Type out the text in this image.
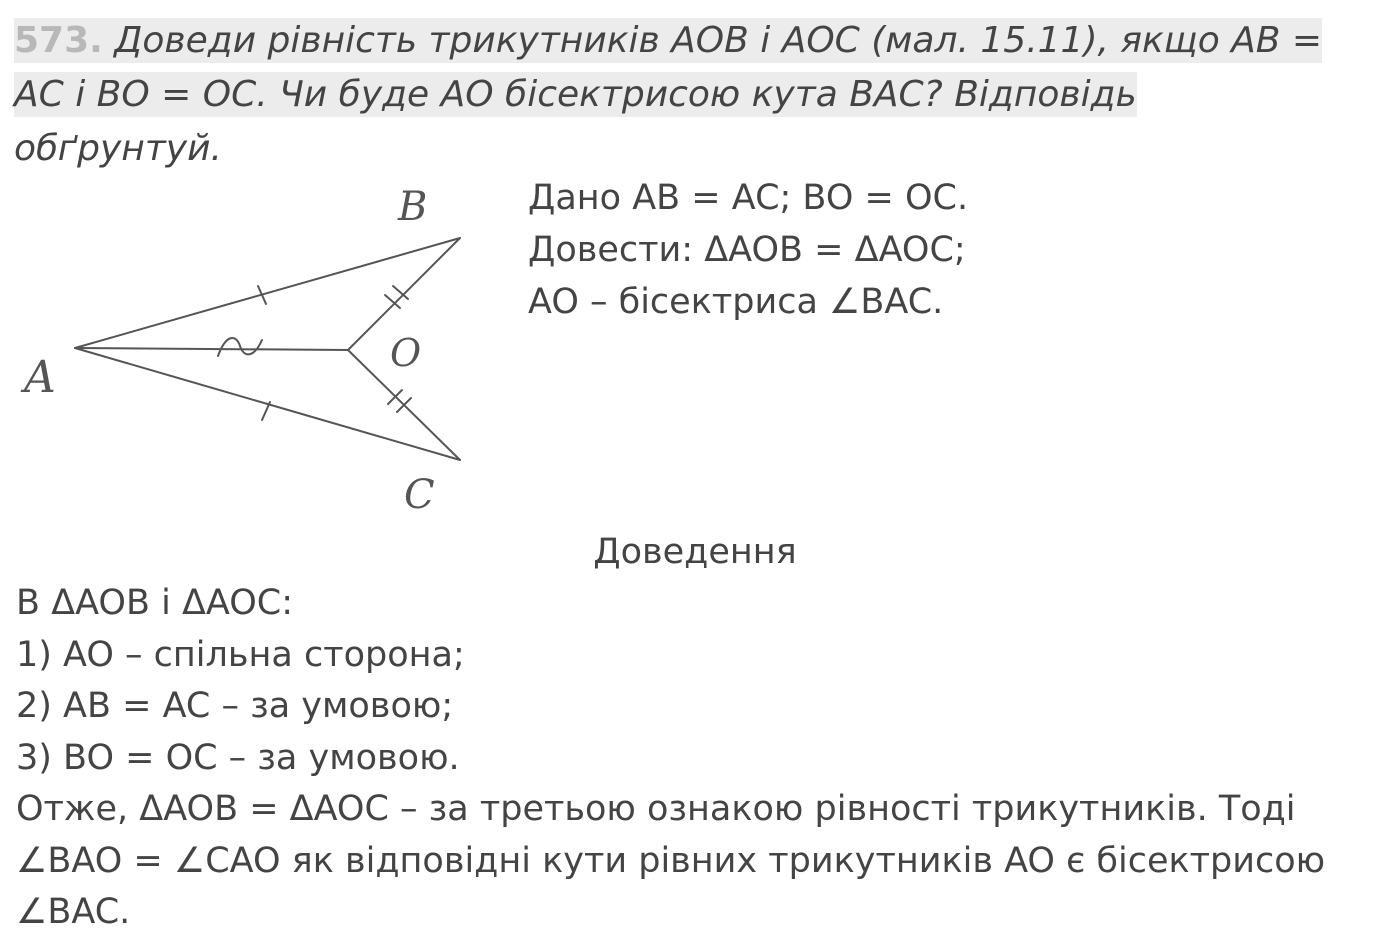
573. Доведи рівність трикутників AOB і AOC (мал. 15.11), якщо AB =
AC і BO = OC. Чи буде AO бісектрисою кута BAC? Відповідь
обґрунтуй.
A
B
C
O
Дано AB = AC; BO = OC.
Довести: ΔAOB = ΔAOC;
AO – бісектриса ∠BAC.
Доведення
В ΔAOB і ΔAOC:
1) AO – спільна сторона;
2) AB = AC – за умовою;
3) BO = OC – за умовою.
Отже, ΔAOB = ΔAOC – за третьою ознакою рівності трикутників. Тоді ∠BAO = ∠CAO як відповідні кути рівних трикутників AO є бісектрисою ∠BAC.
